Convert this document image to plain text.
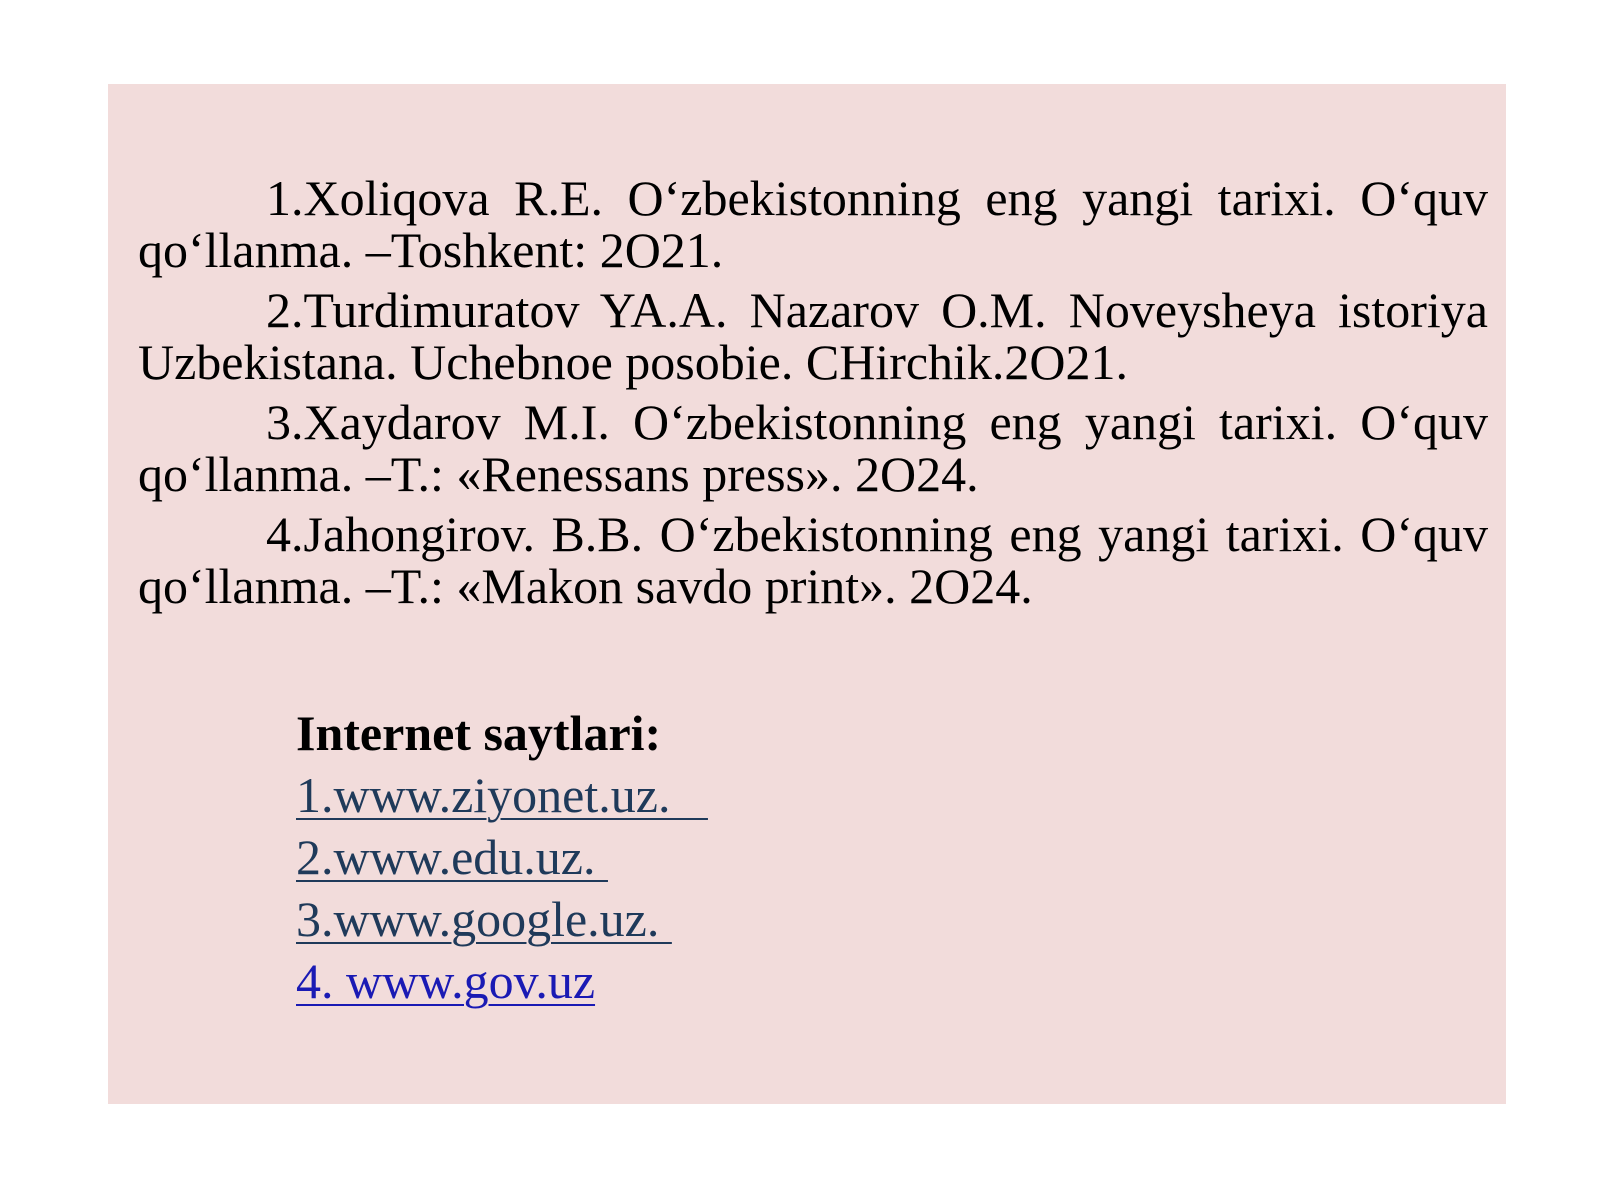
1.Xoliqova R.E. O‘zbekistonning eng yangi tarixi. O‘quv qo‘llanma. –Toshkent: 2O21.

2.Turdimuratov YA.A. Nazarov O.M. Noveysheya istoriya Uzbekistana. Uchebnoe posobie. CHirchik.2O21.

3.Xaydarov M.I. O‘zbekistonning eng yangi tarixi. O‘quv qo‘llanma. –T.: «Renessans press». 2O24.

4.Jahongirov. B.B. O‘zbekistonning eng yangi tarixi. O‘quv qo‘llanma. –T.: «Makon savdo print». 2O24.

Internet saytlari:

1.www.ziyonet.uz.
2.www.edu.uz.
3.www.google.uz.
4. www.gov.uz
